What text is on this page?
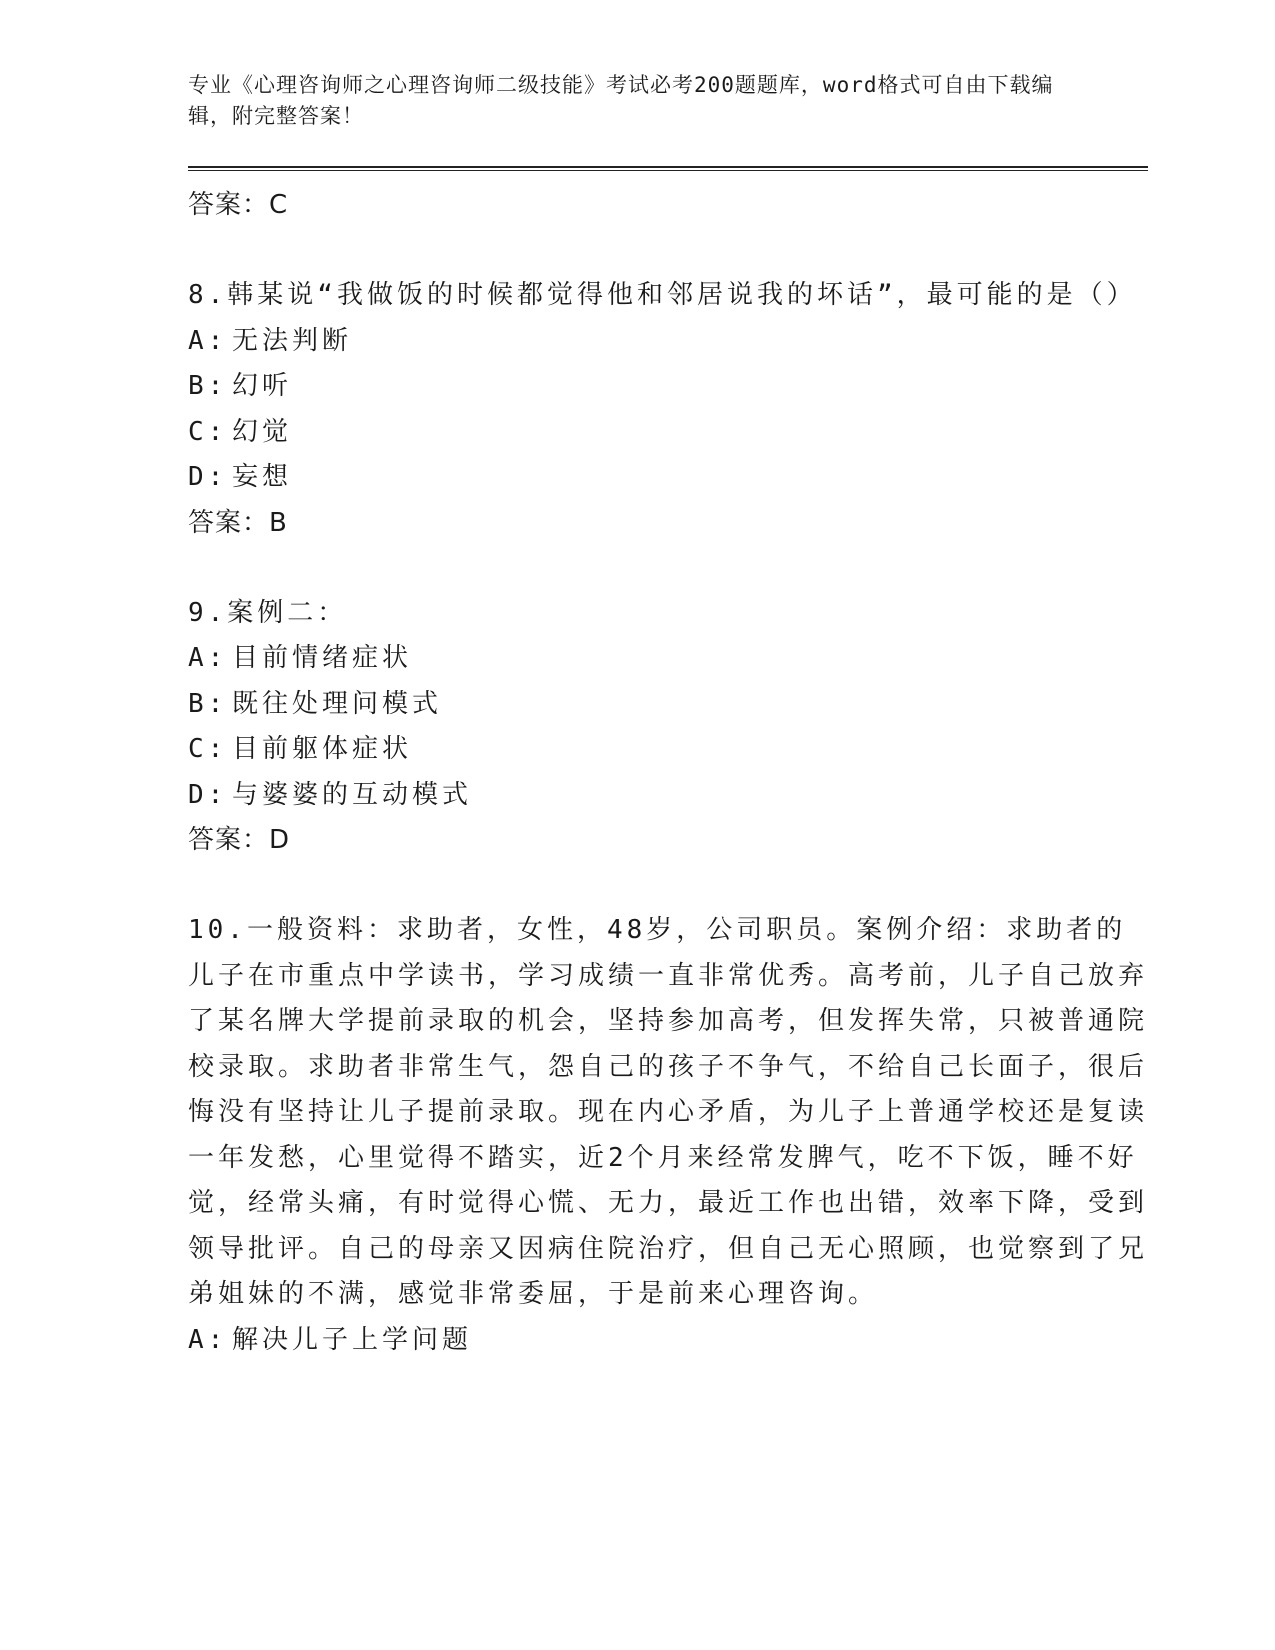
专业《心理咨询师之心理咨询师二级技能》考试必考200题题库，word格式可自由下载编辑，附完整答案！

答案：C

8.韩某说“我做饭的时候都觉得他和邻居说我的坏话”，最可能的是（）

A: 无法判断
B: 幻听
C: 幻觉
D: 妄想

答案：B

9.案例二：

A: 目前情绪症状
B: 既往处理问模式
C: 目前躯体症状
D: 与婆婆的互动模式

答案：D

10.一般资料：求助者，女性，48岁，公司职员。案例介绍：求助者的儿子在市重点中学读书，学习成绩一直非常优秀。高考前，儿子自己放弃了某名牌大学提前录取的机会，坚持参加高考，但发挥失常，只被普通院校录取。求助者非常生气，怨自己的孩子不争气，不给自己长面子，很后悔没有坚持让儿子提前录取。现在内心矛盾，为儿子上普通学校还是复读一年发愁，心里觉得不踏实，近2个月来经常发脾气，吃不下饭，睡不好觉，经常头痛，有时觉得心慌、无力，最近工作也出错，效率下降，受到领导批评。自己的母亲又因病住院治疗，但自己无心照顾，也觉察到了兄弟姐妹的不满，感觉非常委屈，于是前来心理咨询。

A: 解决儿子上学问题
